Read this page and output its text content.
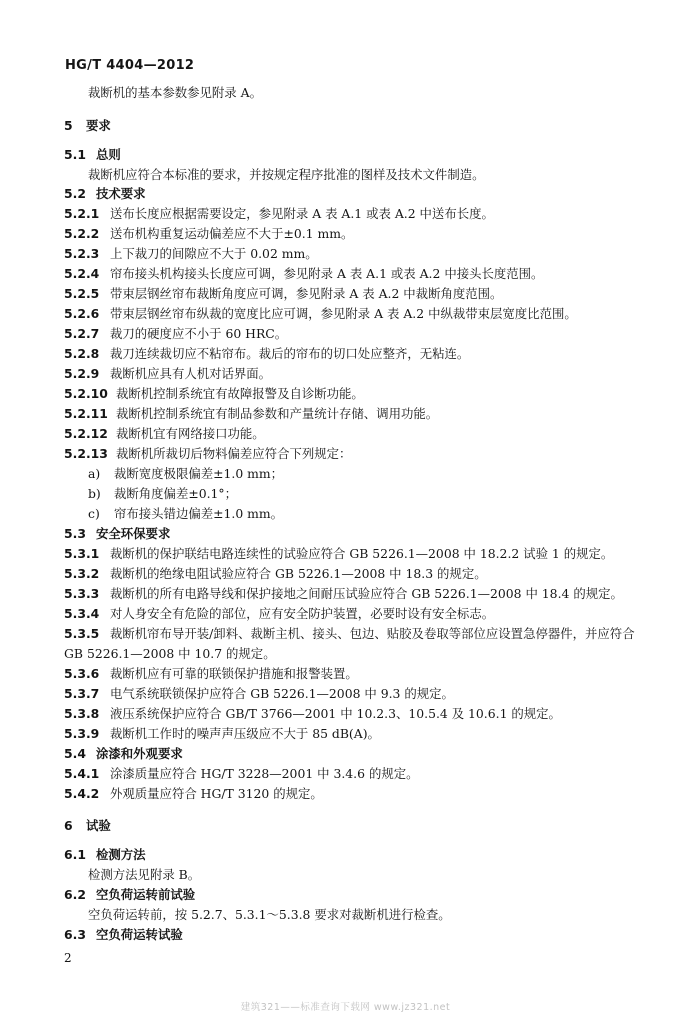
HG/T 4404—2012
裁断机的基本参数参见附录 A。
5 要求
5.1 总则
裁断机应符合本标准的要求，并按规定程序批准的图样及技术文件制造。
5.2 技术要求
5.2.1 送布长度应根据需要设定，参见附录 A 表 A.1 或表 A.2 中送布长度。
5.2.2 送布机构重复运动偏差应不大于±0.1 mm。
5.2.3 上下裁刀的间隙应不大于 0.02 mm。
5.2.4 帘布接头机构接头长度应可调，参见附录 A 表 A.1 或表 A.2 中接头长度范围。
5.2.5 带束层钢丝帘布裁断角度应可调，参见附录 A 表 A.2 中裁断角度范围。
5.2.6 带束层钢丝帘布纵裁的宽度比应可调，参见附录 A 表 A.2 中纵裁带束层宽度比范围。
5.2.7 裁刀的硬度应不小于 60 HRC。
5.2.8 裁刀连续裁切应不粘帘布。裁后的帘布的切口处应整齐，无粘连。
5.2.9 裁断机应具有人机对话界面。
5.2.10 裁断机控制系统宜有故障报警及自诊断功能。
5.2.11 裁断机控制系统宜有制品参数和产量统计存储、调用功能。
5.2.12 裁断机宜有网络接口功能。
5.2.13 裁断机所裁切后物料偏差应符合下列规定：
a) 裁断宽度极限偏差±1.0 mm；
b) 裁断角度偏差±0.1°；
c) 帘布接头错边偏差±1.0 mm。
5.3 安全环保要求
5.3.1 裁断机的保护联结电路连续性的试验应符合 GB 5226.1—2008 中 18.2.2 试验 1 的规定。
5.3.2 裁断机的绝缘电阻试验应符合 GB 5226.1—2008 中 18.3 的规定。
5.3.3 裁断机的所有电路导线和保护接地之间耐压试验应符合 GB 5226.1—2008 中 18.4 的规定。
5.3.4 对人身安全有危险的部位，应有安全防护装置，必要时设有安全标志。
5.3.5 裁断机帘布导开装/卸料、裁断主机、接头、包边、贴胶及卷取等部位应设置急停器件，并应符合
GB 5226.1—2008 中 10.7 的规定。
5.3.6 裁断机应有可靠的联锁保护措施和报警装置。
5.3.7 电气系统联锁保护应符合 GB 5226.1—2008 中 9.3 的规定。
5.3.8 液压系统保护应符合 GB/T 3766—2001 中 10.2.3、10.5.4 及 10.6.1 的规定。
5.3.9 裁断机工作时的噪声声压级应不大于 85 dB(A)。
5.4 涂漆和外观要求
5.4.1 涂漆质量应符合 HG/T 3228—2001 中 3.4.6 的规定。
5.4.2 外观质量应符合 HG/T 3120 的规定。
6 试验
6.1 检测方法
检测方法见附录 B。
6.2 空负荷运转前试验
空负荷运转前，按 5.2.7、5.3.1～5.3.8 要求对裁断机进行检查。
6.3 空负荷运转试验
2
建筑321——标准查询下载网 www.jz321.net
